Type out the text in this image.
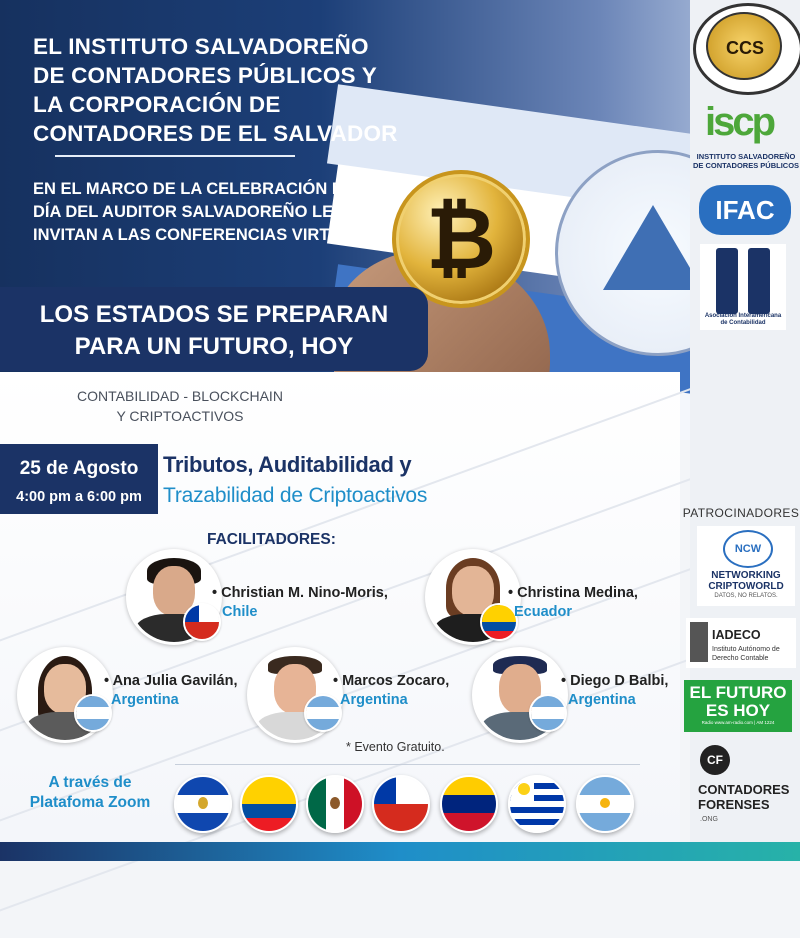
₿
EL INSTITUTO SALVADOREÑO
DE CONTADORES PÚBLICOS Y
LA CORPORACIÓN DE
CONTADORES DE EL SALVADOR
EN EL MARCO DE LA CELEBRACIÓN DEL
DÍA DEL AUDITOR SALVADOREÑO LE
INVITAN A LAS CONFERENCIAS VIRTUALES:
LOS ESTADOS SE PREPARAN
PARA UN FUTURO, HOY
CONTABILIDAD - BLOCKCHAIN
Y CRIPTOACTIVOS
25 de Agosto
4:00 pm a 6:00 pm
Tributos, Auditabilidad y
Trazabilidad de Criptoactivos
FACILITADORES:
• Christian M. Nino-Moris,
Chile
• Christina Medina,
Ecuador
• Ana Julia Gavilán,
Argentina
• Marcos Zocaro,
Argentina
• Diego D Balbi,
Argentina
* Evento Gratuito.
A través de
Platafoma Zoom
CCS
iscp
INSTITUTO SALVADOREÑO
DE CONTADORES PÚBLICOS
IFAC
Asociación Interamericana
de Contabilidad
PATROCINADORES
NCW
NETWORKING
CRIPTOWORLD
DATOS, NO RELATOS.
IADECO
Instituto Autónomo de Derecho Contable
EL FUTURO
ES HOY
Radio www.am-radio.com | AM 1224
CF
CONTADORES
FORENSES
.ONG
